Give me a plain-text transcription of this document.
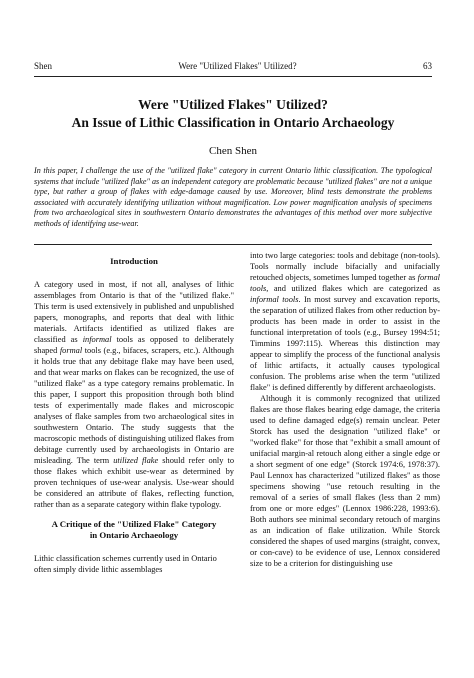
Shen	Were "Utilized Flakes" Utilized?	63
Were "Utilized Flakes" Utilized?
An Issue of Lithic Classification in Ontario Archaeology
Chen Shen

In this paper, I challenge the use of the "utilized flake" category in current Ontario lithic classification. The typological systems that include "utilized flake" as an independent category are problematic because "utilized flakes" are not a unique type, but rather a group of flakes with edge-damage caused by use. Moreover, blind tests demonstrate the problems associated with accurately identifying utilization without magnification. Low power magnification analysis of specimens from two archaeological sites in southwestern Ontario demonstrates the advantages of this method over more subjective methods of identifying use-wear.

Introduction

A category used in most, if not all, analyses of lithic assemblages from Ontario is that of the "utilized flake." This term is used extensively in published and unpublished papers, monographs, and reports that deal with lithic materials. Artifacts identified as utilized flakes are classified as informal tools as opposed to deliberately shaped formal tools (e.g., bifaces, scrapers, etc.). Although it holds true that any debitage flake may have been used, and that wear marks on flakes can be recognized, the use of "utilized flake" as a type category remains problematic. In this paper, I support this proposition through both blind tests of experimentally made flakes and microscopic analyses of flake samples from two archaeological sites in southwestern Ontario. The study suggests that the macroscopic methods of distinguishing utilized flakes from debitage currently used by archaeologists in Ontario are misleading. The term utilized flake should refer only to those flakes which exhibit use-wear as determined by proven techniques of use-wear analysis. Use-wear should be considered an attribute of flakes, reflecting function, rather than as a separate category within flake typology.

A Critique of the "Utilized Flake" Category
in Ontario Archaeology

Lithic classification schemes currently used in Ontario often simply divide lithic assemblages

into two large categories: tools and debitage (non-tools). Tools normally include bifacially and unifacially retouched objects, sometimes lumped together as formal tools, and utilized flakes which are categorized as informal tools. In most survey and excavation reports, the separation of utilized flakes from other reduction by-products has been made in order to assist in the functional interpretation of tools (e.g., Bursey 1994:51; Timmins 1997:115). Whereas this distinction may appear to simplify the process of the functional analysis of lithic artifacts, it actually causes typological confusion. The problems arise when the term "utilized flake" is defined differently by different archaeologists.

Although it is commonly recognized that utilized flakes are those flakes bearing edge damage, the criteria used to define damaged edge(s) remain unclear. Peter Storck has used the designation "utilized flake" or "worked flake" for those that "exhibit a small amount of unifacial margin-al retouch along either a single edge or a short segment of one edge" (Storck 1974:6, 1978:37). Paul Lennox has characterized "utilized flakes" as those specimens showing "use retouch resulting in the removal of a series of small flakes (less than 2 mm) from one or more edges" (Lennox 1986:228, 1993:6). Both authors see minimal secondary retouch of margins as an indication of flake utilization. While Storck considered the shapes of used margins (straight, convex, or con-cave) to be evidence of use, Lennox considered size to be a criterion for distinguishing use
